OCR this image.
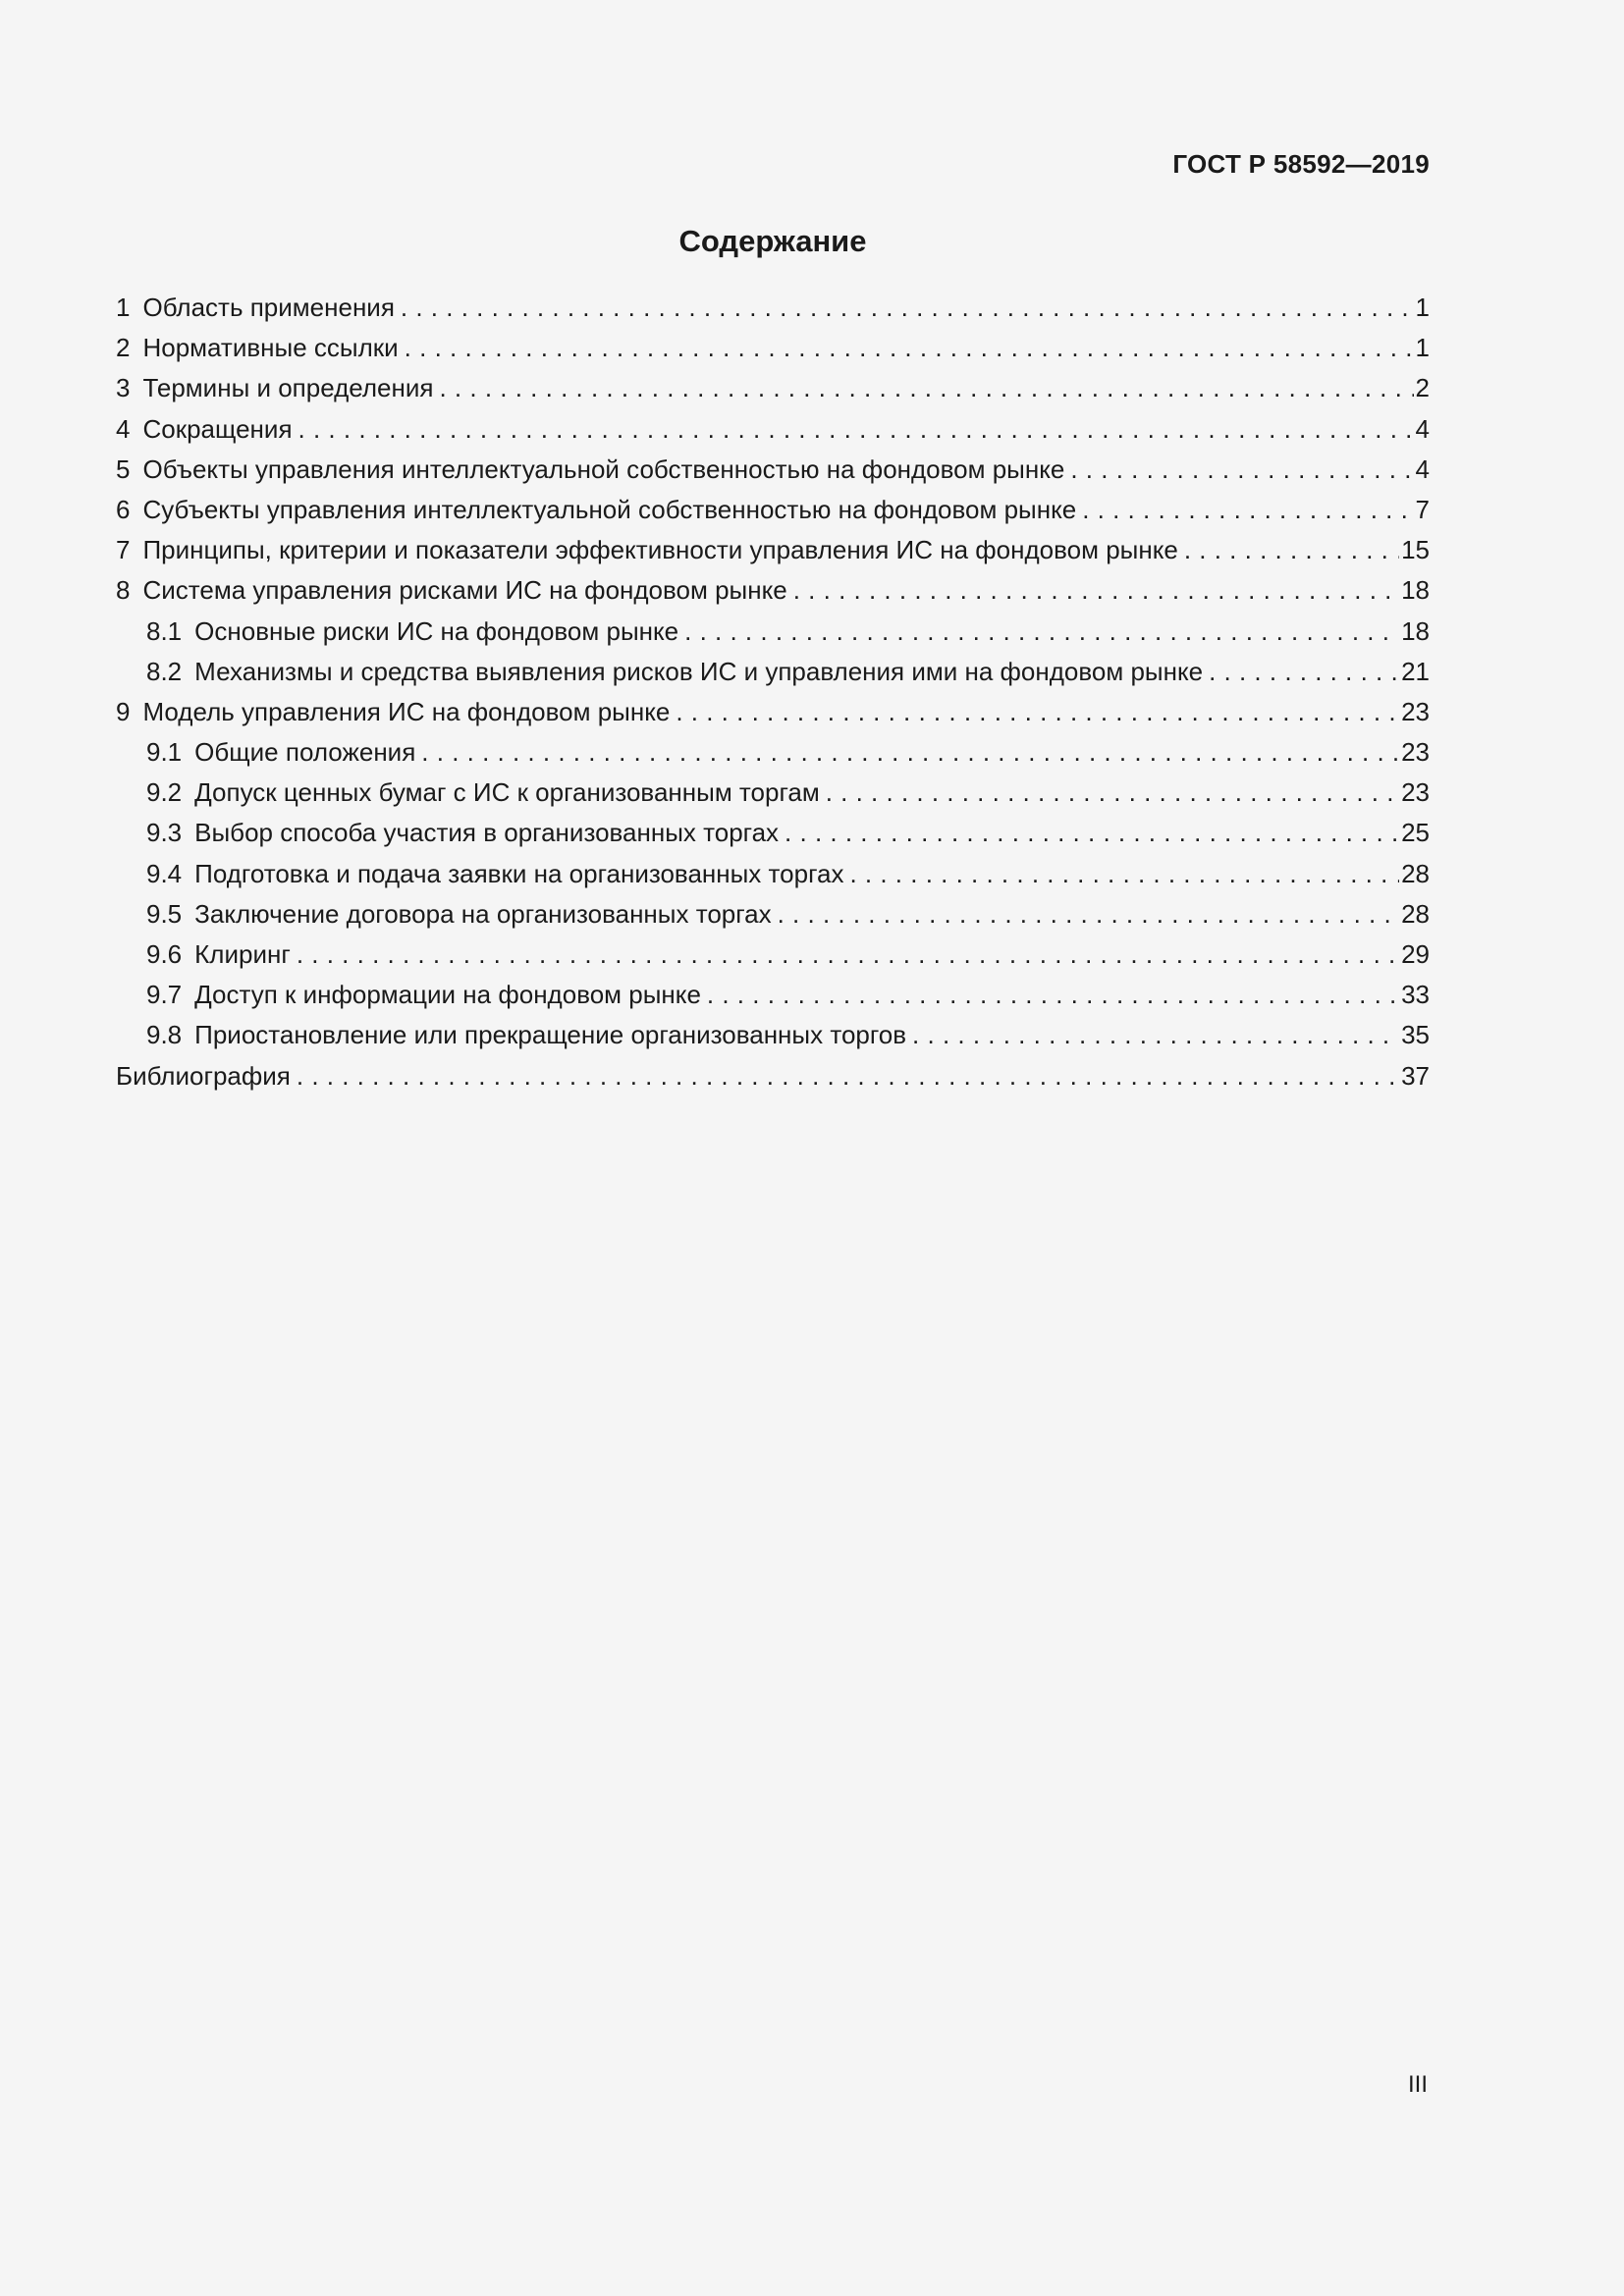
ГОСТ Р 58592—2019
Содержание
1 Область применения . . .	1
2 Нормативные ссылки . . .	1
3 Термины и определения . . .	2
4 Сокращения . . .	4
5 Объекты управления интеллектуальной собственностью на фондовом рынке . . .	4
6 Субъекты управления интеллектуальной собственностью на фондовом рынке . . .	7
7 Принципы, критерии и показатели эффективности управления ИС на фондовом рынке . . .	15
8 Система управления рисками ИС на фондовом рынке . . .	18
8.1 Основные риски ИС на фондовом рынке . . .	18
8.2 Механизмы и средства выявления рисков ИС и управления ими на фондовом рынке . . .	21
9 Модель управления ИС на фондовом рынке . . .	23
9.1 Общие положения . . .	23
9.2 Допуск ценных бумаг с ИС к организованным торгам . . .	23
9.3 Выбор способа участия в организованных торгах . . .	25
9.4 Подготовка и подача заявки на организованных торгах . . .	28
9.5 Заключение договора на организованных торгах . . .	28
9.6 Клиринг . . .	29
9.7 Доступ к информации на фондовом рынке . . .	33
9.8 Приостановление или прекращение организованных торгов . . .	35
Библиография . . .	37
III
